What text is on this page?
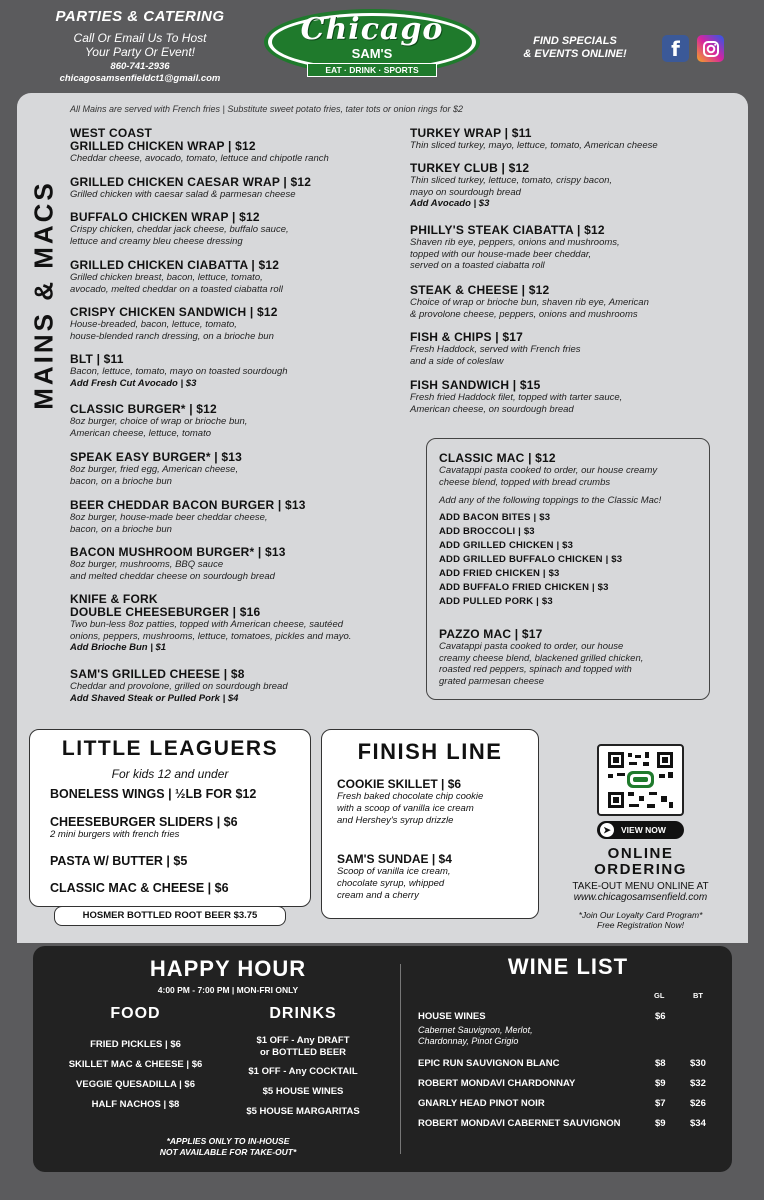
PARTIES & CATERING
Call Or Email Us To Host
Your Party Or Event!
860-741-2936
chicagosamsenfieldct1@gmail.com
Chicago
SAM'S
EAT · DRINK · SPORTS
FIND SPECIALS
& EVENTS ONLINE!	f
MAINS & MACS
All Mains are served with French fries | Substitute sweet potato fries, tater tots or onion rings for $2
WEST COAST
GRILLED CHICKEN WRAP | $12
Cheddar cheese, avocado, tomato, lettuce and chipotle ranch
GRILLED CHICKEN CAESAR WRAP | $12
Grilled chicken with caesar salad & parmesan cheese
BUFFALO CHICKEN WRAP | $12
Crispy chicken, cheddar jack cheese, buffalo sauce,
lettuce and creamy bleu cheese dressing
GRILLED CHICKEN CIABATTA | $12
Grilled chicken breast, bacon, lettuce, tomato,
avocado, melted cheddar on a toasted ciabatta roll
CRISPY CHICKEN SANDWICH | $12
House-breaded, bacon, lettuce, tomato,
house-blended ranch dressing, on a brioche bun
BLT | $11
Bacon, lettuce, tomato, mayo on toasted sourdough
Add Fresh Cut Avocado | $3
CLASSIC BURGER* | $12
8oz burger, choice of wrap or brioche bun,
American cheese, lettuce, tomato
SPEAK EASY BURGER* | $13
8oz burger, fried egg, American cheese,
bacon, on a brioche bun
BEER CHEDDAR BACON BURGER | $13
8oz burger, house-made beer cheddar cheese,
bacon, on a brioche bun
BACON MUSHROOM BURGER* | $13
8oz burger, mushrooms, BBQ sauce
and melted cheddar cheese on sourdough bread
KNIFE & FORK
DOUBLE CHEESEBURGER | $16
Two bun-less 8oz patties, topped with American cheese, sautéed
onions, peppers, mushrooms, lettuce, tomatoes, pickles and mayo.
Add Brioche Bun | $1
SAM'S GRILLED CHEESE | $8
Cheddar and provolone, grilled on sourdough bread
Add Shaved Steak or Pulled Pork | $4
TURKEY WRAP | $11
Thin sliced turkey, mayo, lettuce, tomato, American cheese
TURKEY CLUB | $12
Thin sliced turkey, lettuce, tomato, crispy bacon,
mayo on sourdough bread
Add Avocado | $3
PHILLY'S STEAK CIABATTA | $12
Shaven rib eye, peppers, onions and mushrooms,
topped with our house-made beer cheddar,
served on a toasted ciabatta roll
STEAK & CHEESE | $12
Choice of wrap or brioche bun, shaven rib eye, American
& provolone cheese, peppers, onions and mushrooms
FISH & CHIPS | $17
Fresh Haddock, served with French fries
and a side of coleslaw
FISH SANDWICH | $15
Fresh fried Haddock filet, topped with tarter sauce,
American cheese, on sourdough bread
CLASSIC MAC | $12
Cavatappi pasta cooked to order, our house creamy
cheese blend, topped with bread crumbs
Add any of the following toppings to the Classic Mac!
ADD BACON BITES | $3
ADD BROCCOLI | $3
ADD GRILLED CHICKEN | $3
ADD GRILLED BUFFALO CHICKEN | $3
ADD FRIED CHICKEN | $3
ADD BUFFALO FRIED CHICKEN | $3
ADD PULLED PORK | $3
PAZZO MAC | $17
Cavatappi pasta cooked to order, our house
creamy cheese blend, blackened grilled chicken,
roasted red peppers, spinach and topped with
grated parmesan cheese
LITTLE LEAGUERS
For kids 12 and under
BONELESS WINGS | ½LB FOR $12
CHEESEBURGER SLIDERS | $6
2 mini burgers with french fries
PASTA W/ BUTTER | $5
CLASSIC MAC & CHEESE | $6
HOSMER BOTTLED ROOT BEER $3.75
FINISH LINE
COOKIE SKILLET | $6
Fresh baked chocolate chip cookie
with a scoop of vanilla ice cream
and Hershey's syrup drizzle
SAM'S SUNDAE | $4
Scoop of vanilla ice cream,
chocolate syrup, whipped
cream and a cherry
➤	VIEW NOW
ONLINE
ORDERING
TAKE-OUT MENU ONLINE AT
www.chicagosamsenfield.com
*Join Our Loyalty Card Program*
Free Registration Now!
HAPPY HOUR
4:00 PM - 7:00 PM | MON-FRI ONLY
FOOD
FRIED PICKLES | $6
SKILLET MAC & CHEESE | $6
VEGGIE QUESADILLA | $6
HALF NACHOS | $8
DRINKS
$1 OFF - Any DRAFT
or BOTTLED BEER
$1 OFF - Any COCKTAIL
$5 HOUSE WINES
$5 HOUSE MARGARITAS
*APPLIES ONLY TO IN-HOUSE
NOT AVAILABLE FOR TAKE-OUT*
WINE LIST
GL	BT
HOUSE WINES	$6
Cabernet Sauvignon, Merlot,
Chardonnay, Pinot Grigio
EPIC RUN SAUVIGNON BLANC	$8	$30
ROBERT MONDAVI CHARDONNAY	$9	$32
GNARLY HEAD PINOT NOIR	$7	$26
ROBERT MONDAVI CABERNET SAUVIGNON	$9	$34
